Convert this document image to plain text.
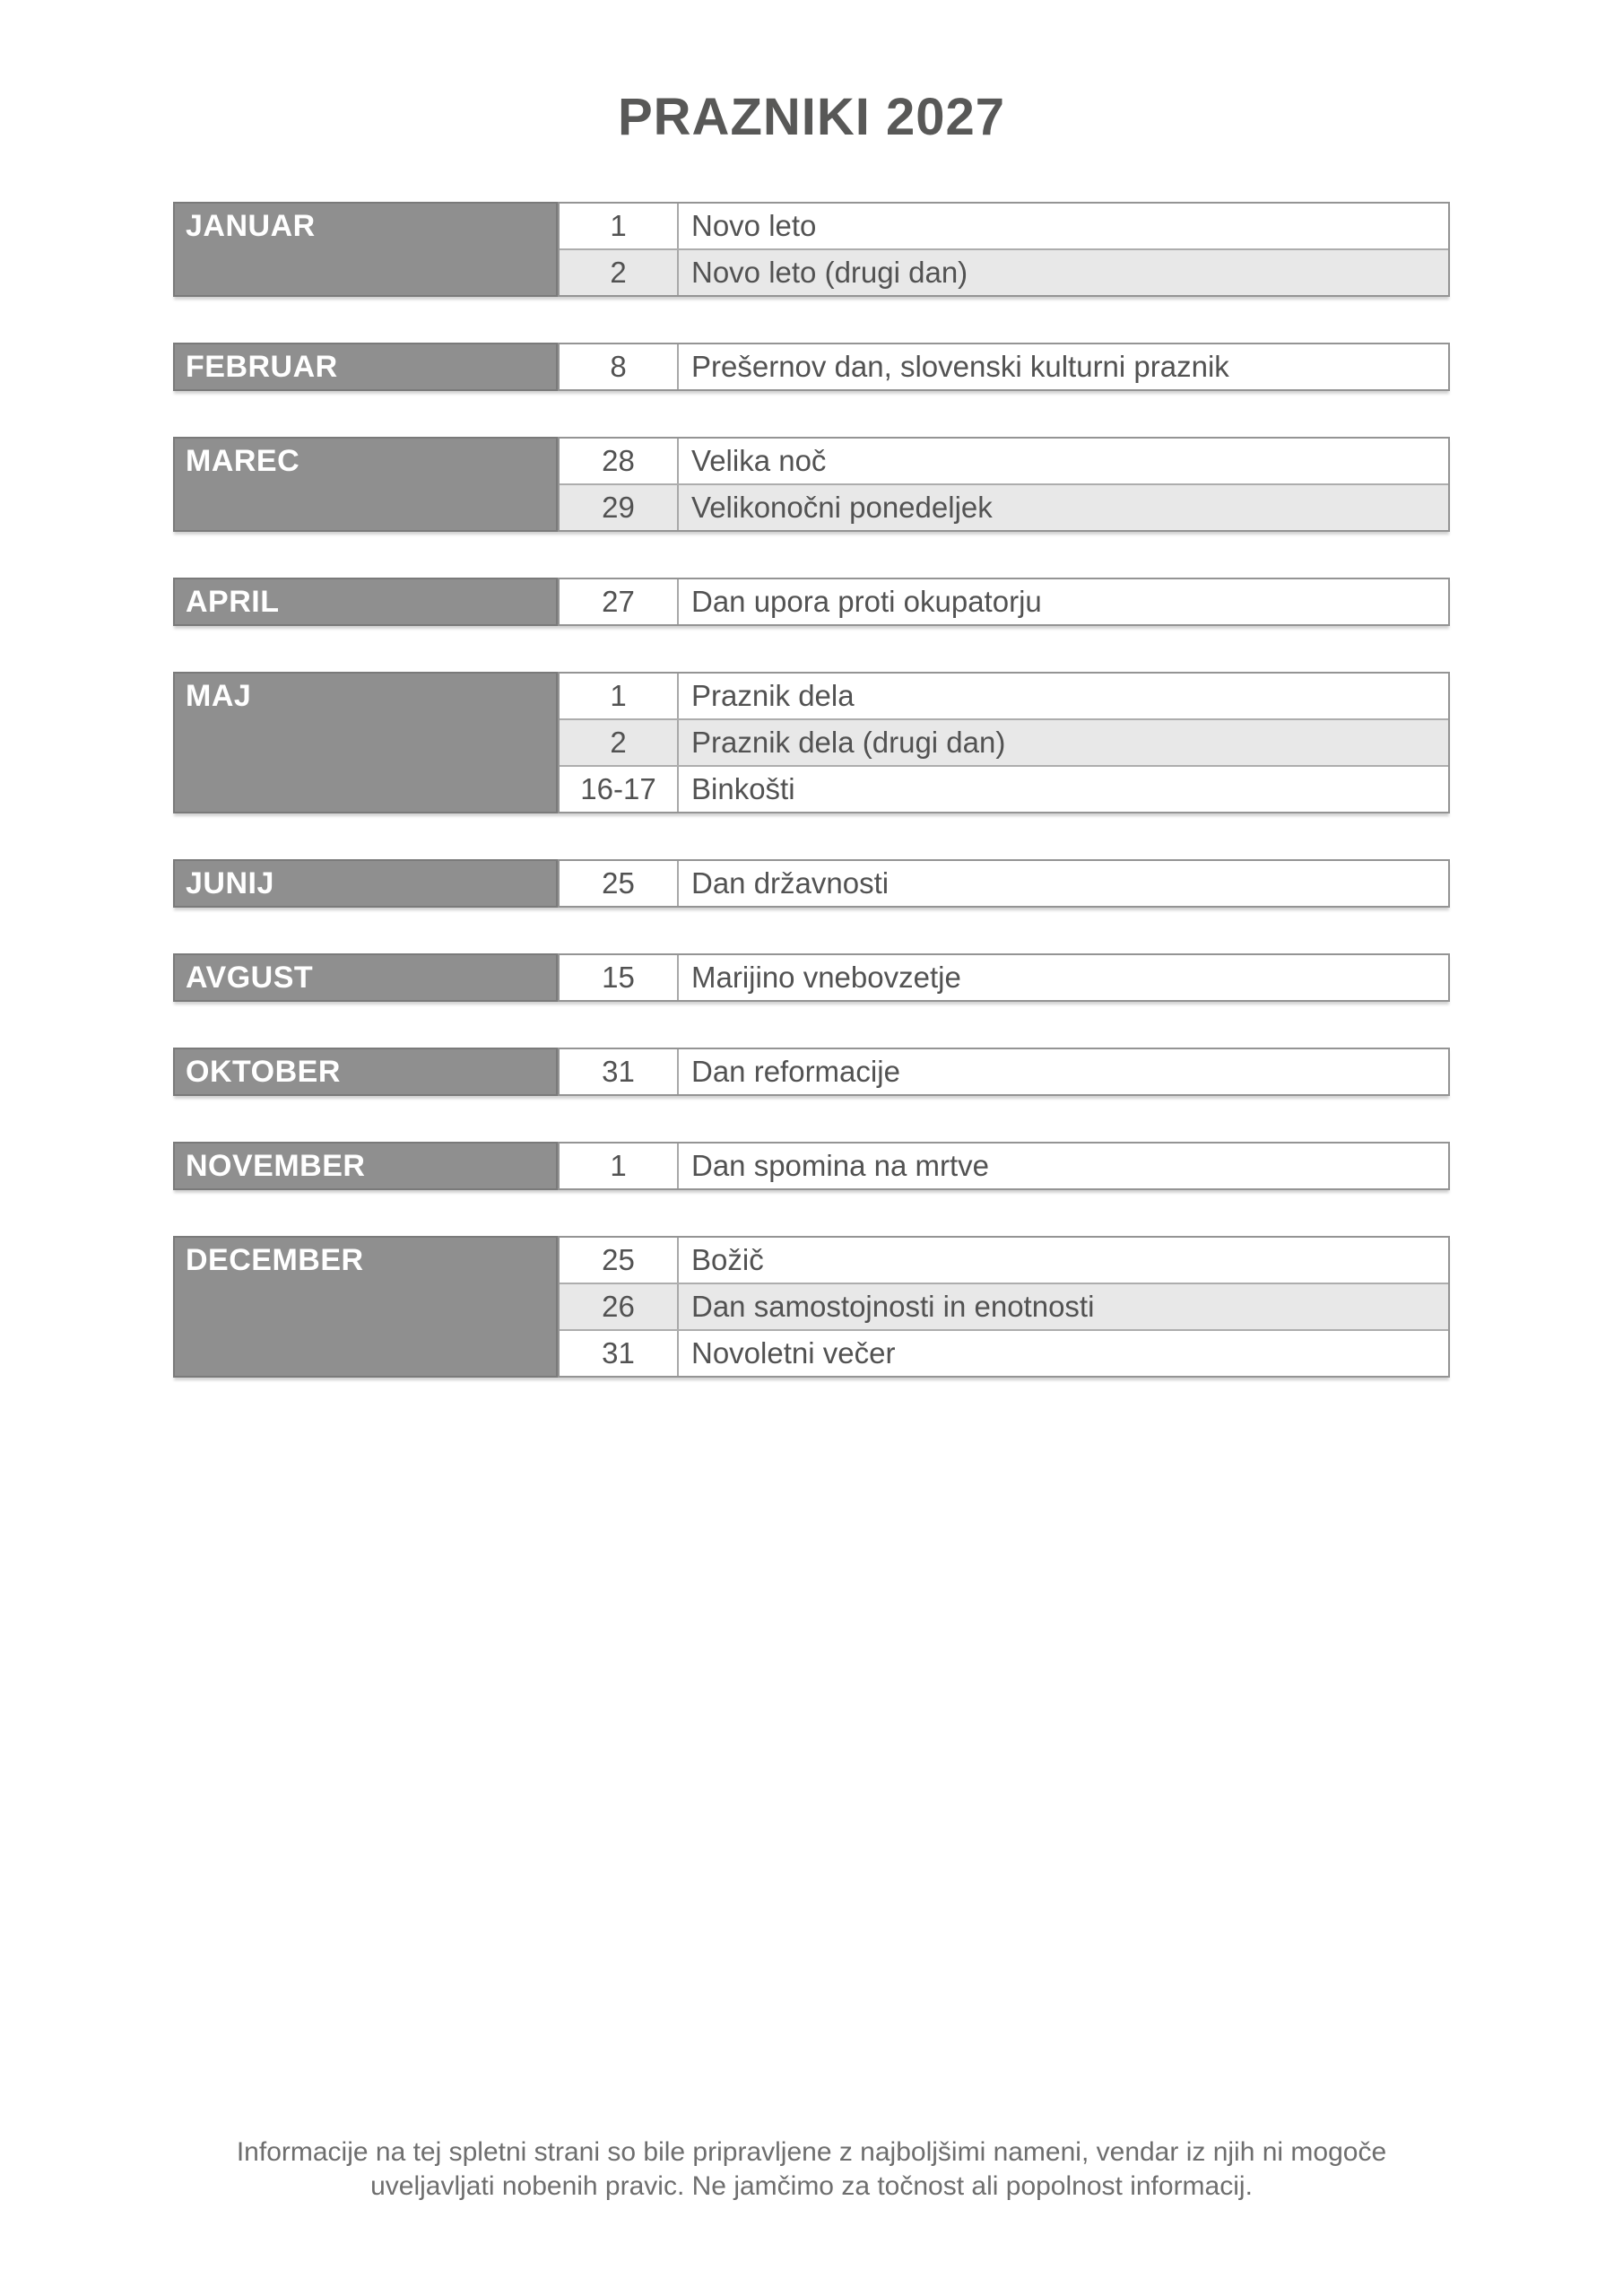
PRAZNIKI 2027
JANUAR	1	Novo leto
2	Novo leto (drugi dan)
FEBRUAR	8	Prešernov dan, slovenski kulturni praznik
MAREC	28	Velika noč
29	Velikonočni ponedeljek
APRIL	27	Dan upora proti okupatorju
MAJ	1	Praznik dela
2	Praznik dela (drugi dan)
16-17	Binkošti
JUNIJ	25	Dan državnosti
AVGUST	15	Marijino vnebovzetje
OKTOBER	31	Dan reformacije
NOVEMBER	1	Dan spomina na mrtve
DECEMBER	25	Božič
26	Dan samostojnosti in enotnosti
31	Novoletni večer
Informacije na tej spletni strani so bile pripravljene z najboljšimi nameni, vendar iz njih ni mogoče
uveljavljati nobenih pravic. Ne jamčimo za točnost ali popolnost informacij.
